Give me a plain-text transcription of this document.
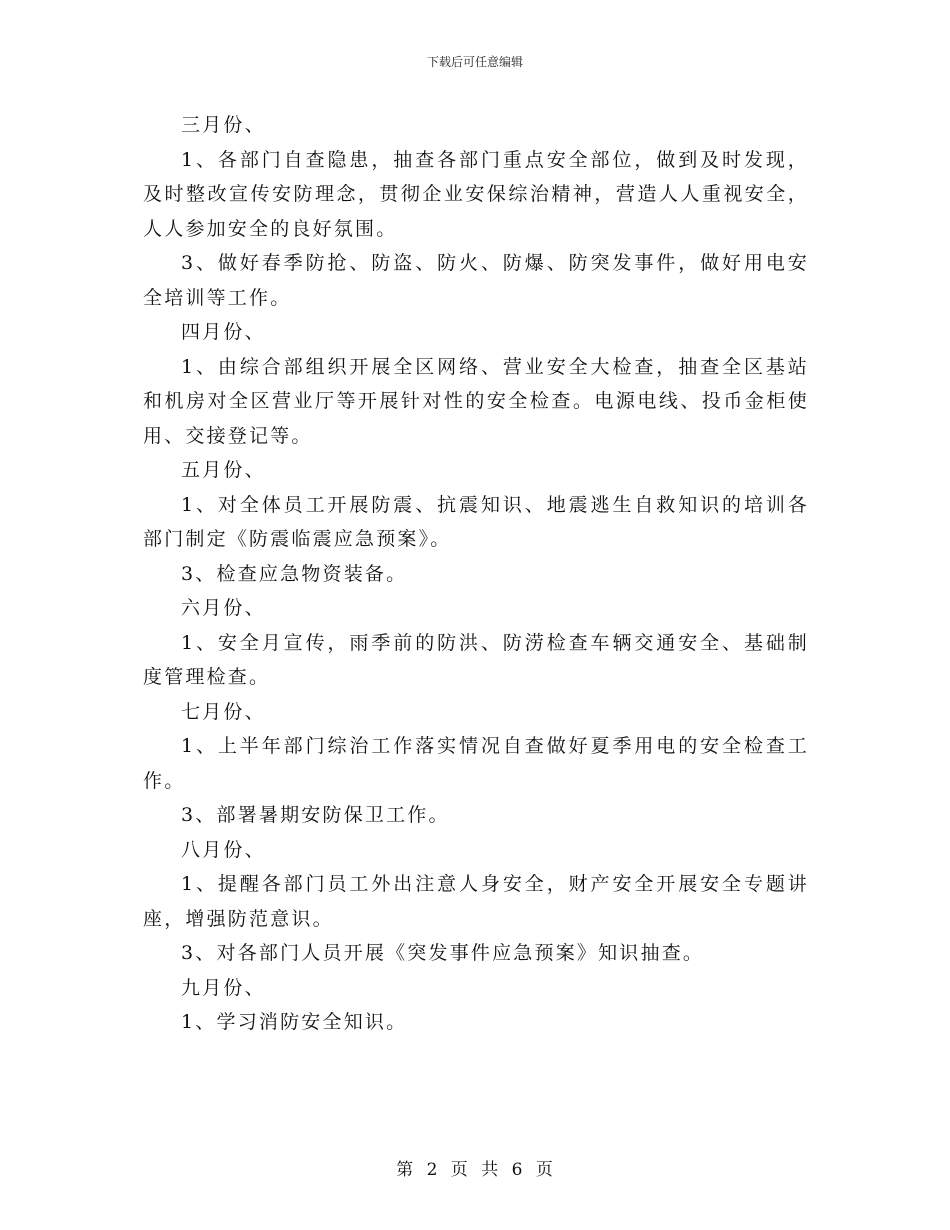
下载后可任意编辑

三月份、

1、各部门自查隐患，抽查各部门重点安全部位，做到及时发现，及时整改宣传安防理念，贯彻企业安保综治精神，营造人人重视安全，人人参加安全的良好氛围。

3、做好春季防抢、防盗、防火、防爆、防突发事件，做好用电安全培训等工作。

四月份、

1、由综合部组织开展全区网络、营业安全大检查，抽查全区基站和机房对全区营业厅等开展针对性的安全检查。电源电线、投币金柜使用、交接登记等。

五月份、

1、对全体员工开展防震、抗震知识、地震逃生自救知识的培训各部门制定《防震临震应急预案》。

3、检查应急物资装备。

六月份、

1、安全月宣传，雨季前的防洪、防涝检查车辆交通安全、基础制度管理检查。

七月份、

1、上半年部门综治工作落实情况自查做好夏季用电的安全检查工作。

3、部署暑期安防保卫工作。

八月份、

1、提醒各部门员工外出注意人身安全，财产安全开展安全专题讲座，增强防范意识。

3、对各部门人员开展《突发事件应急预案》知识抽查。

九月份、

1、学习消防安全知识。

第 2 页 共 6 页
